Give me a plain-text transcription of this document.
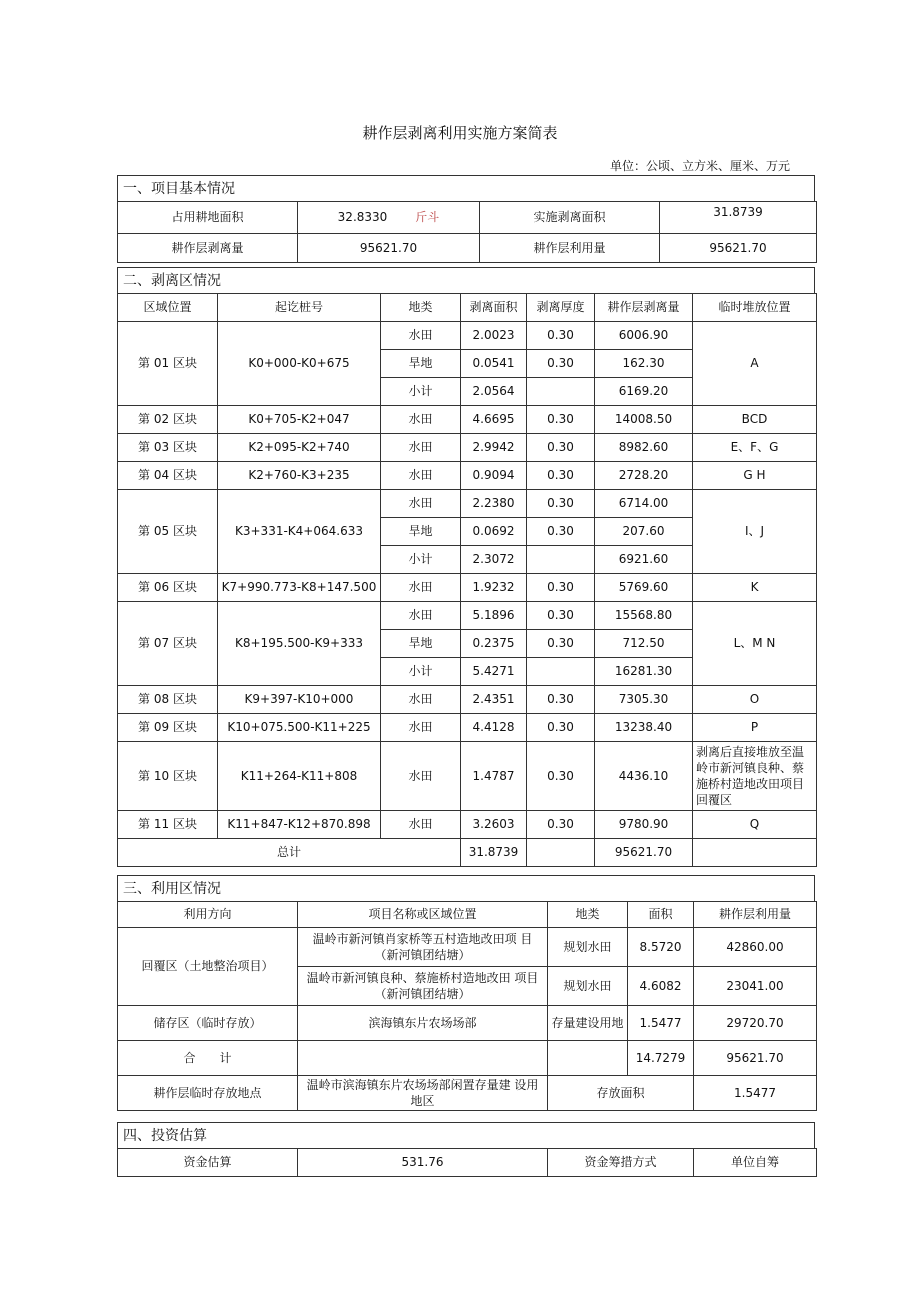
耕作层剥离利用实施方案简表
单位：公顷、立方米、厘米、万元
一、项目基本情况
占用耕地面积	32.8330 斤斗	实施剥离面积	31.8739
耕作层剥离量	95621.70	耕作层利用量	95621.70
二、剥离区情况
区域位置	起讫桩号	地类	剥离面积	剥离厚度	耕作层剥离量	临时堆放位置
第 01 区块	K0+000-K0+675	水田	2.0023	0.30	6006.90	A
		旱地	0.0541	0.30	162.30	
		小计	2.0564		6169.20	
第 02 区块	K0+705-K2+047	水田	4.6695	0.30	14008.50	BCD
第 03 区块	K2+095-K2+740	水田	2.9942	0.30	8982.60	E、F、G
第 04 区块	K2+760-K3+235	水田	0.9094	0.30	2728.20	G H
第 05 区块	K3+331-K4+064.633	水田	2.2380	0.30	6714.00	I、J
		旱地	0.0692	0.30	207.60	
		小计	2.3072		6921.60	
第 06 区块	K7+990.773-K8+147.500	水田	1.9232	0.30	5769.60	K
第 07 区块	K8+195.500-K9+333	水田	5.1896	0.30	15568.80	L、M N
		旱地	0.2375	0.30	712.50	
		小计	5.4271		16281.30	
第 08 区块	K9+397-K10+000	水田	2.4351	0.30	7305.30	O
第 09 区块	K10+075.500-K11+225	水田	4.4128	0.30	13238.40	P
第 10 区块	K11+264-K11+808	水田	1.4787	0.30	4436.10	剥离后直接堆放至温岭市新河镇良种、蔡施桥村造地改田项目回覆区
第 11 区块	K11+847-K12+870.898	水田	3.2603	0.30	9780.90	Q
总计			31.8739		95621.70	
三、利用区情况
利用方向	项目名称或区域位置	地类	面积	耕作层利用量
回覆区（土地整治项目）	温岭市新河镇肖家桥等五村造地改田项 目（新河镇团结塘）	规划水田	8.5720	42860.00
	温岭市新河镇良种、蔡施桥村造地改田 项目（新河镇团结塘）	规划水田	4.6082	23041.00
储存区（临时存放）	滨海镇东片农场场部	存量建设用地	1.5477	29720.70
合　　计			14.7279	95621.70
耕作层临时存放地点	温岭市滨海镇东片农场场部闲置存量建 设用地区	存放面积		1.5477
四、投资估算
资金估算	531.76	资金筹措方式	单位自筹
